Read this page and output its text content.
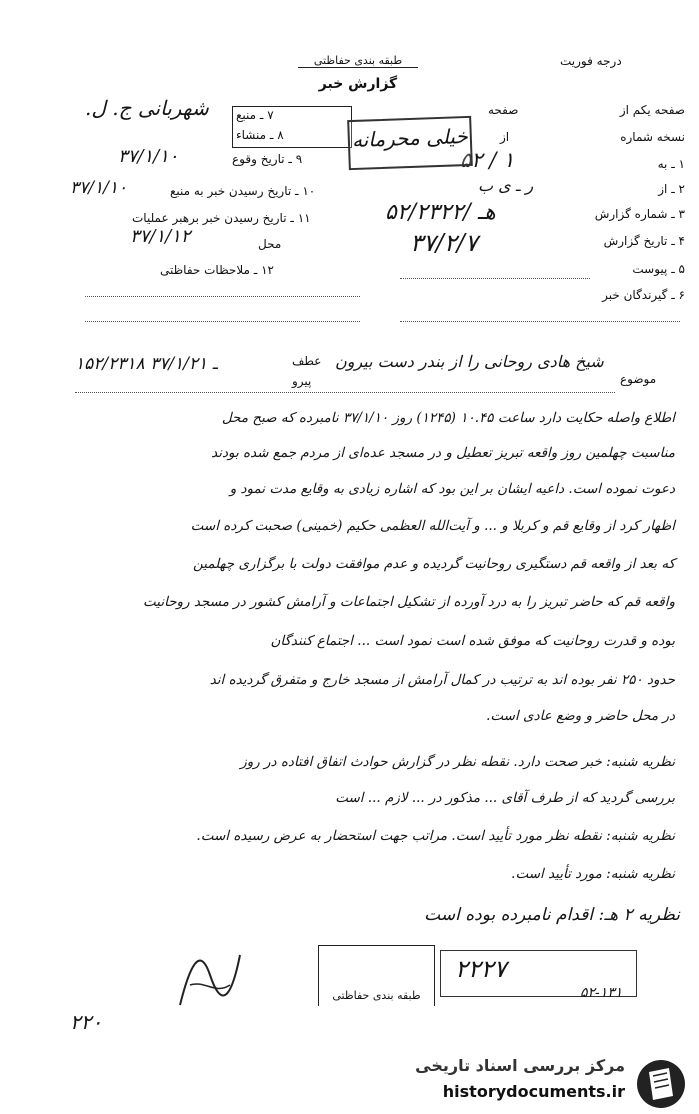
درجه فوریت
طبقه بندی حفاظتی
گزارش خبر
صفحه یکم از
صفحه
نسخه شماره
از
۱ ـ به
۵۲ / ۱
۲ ـ از
ر ـ ی ب
۳ ـ شماره گزارش
۵۲/۲۳۲۲/ هـ
۴ ـ تاریخ گزارش
۳۷/۲/۷
۵ ـ پیوست
۶ ـ گیرندگان خبر
۷ ـ منبع
۸ ـ منشاء
شهربانی ج. ل.
۹ ـ تاریخ وقوع
۳۷/۱/۱۰
۱۰ ـ تاریخ رسیدن خبر به منبع
۳۷/۱/۱۰
۱۱ ـ تاریخ رسیدن خبر برهبر عملیات
۳۷/۱/۱۲	محل
۱۲ ـ ملاحظات حفاظتی
خیلی محرمانه
موضوع
شیخ هادی روحانی را از بندر دست بیرون
عطف
۱۵۲/۲۳۱۸ ـ ۳۷/۱/۲۱
پیرو
اطلاع واصله حکایت دارد ساعت ۱۰.۴۵ (۱۲۴۵) روز ۳۷/۱/۱۰ نامبرده که صبح محل
مناسبت چهلمین روز واقعه تبریز تعطیل و در مسجد عده‌ای از مردم جمع شده بودند
دعوت نموده است. داعیه ایشان بر این بود که اشاره زیادی به وقایع مدت نمود و
اظهار کرد از وقایع قم و کربلا و ... و آیت‌الله العظمی حکیم (خمینی) صحبت کرده است
که بعد از واقعه قم دستگیری روحانیت گردیده و عدم موافقت دولت با برگزاری چهلمین
واقعه قم که حاضر تبریز را به درد آورده از تشکیل اجتماعات و آرامش کشور در مسجد روحانیت
بوده و قدرت روحانیت که موفق شده است نمود است ... اجتماع کنندگان
حدود ۲۵۰ نفر بوده اند به ترتیب در کمال آرامش از مسجد خارج و متفرق گردیده اند
در محل حاضر و وضع عادی است.
نظریه شنبه: خبر صحت دارد. نقطه نظر در گزارش حوادث اتفاق افتاده در روز
بررسی گردید که از طرف آقای ... مذکور در ... لازم ... است
نظریه شنبه: نقطه نظر مورد تأیید است. مراتب جهت استحضار به عرض رسیده است.
نظریه شنبه: مورد تأیید است.
نظریه ۲ هـ: اقدام نامبرده بوده است
طبقه بندی حفاظتی
۲۲۲۷
۵۲-۱۳۱
۲۲۰
مرکز بررسی اسناد تاریخی
historydocuments.ir
